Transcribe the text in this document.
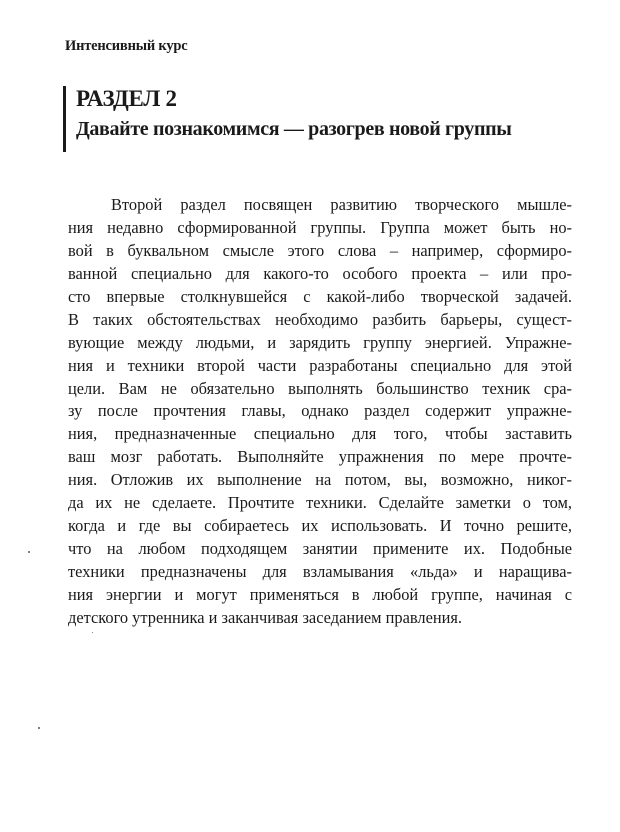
Интенсивный курс
РАЗДЕЛ 2
Давайте познакомимся — разогрев новой группы
Второй раздел посвящен развитию творческого мышле-
ния недавно сформированной группы. Группа может быть но-
вой в буквальном смысле этого слова – например, сформиро-
ванной специально для какого-то особого проекта – или про-
сто впервые столкнувшейся с какой-либо творческой задачей.
В таких обстоятельствах необходимо разбить барьеры, сущест-
вующие между людьми, и зарядить группу энергией. Упражне-
ния и техники второй части разработаны специально для этой
цели. Вам не обязательно выполнять большинство техник сра-
зу после прочтения главы, однако раздел содержит упражне-
ния, предназначенные специально для того, чтобы заставить
ваш мозг работать. Выполняйте упражнения по мере прочте-
ния. Отложив их выполнение на потом, вы, возможно, никог-
да их не сделаете. Прочтите техники. Сделайте заметки о том,
когда и где вы собираетесь их использовать. И точно решите,
что на любом подходящем занятии примените их. Подобные
техники предназначены для взламывания «льда» и наращива-
ния энергии и могут применяться в любой группе, начиная с
детского утренника и заканчивая заседанием правления.
